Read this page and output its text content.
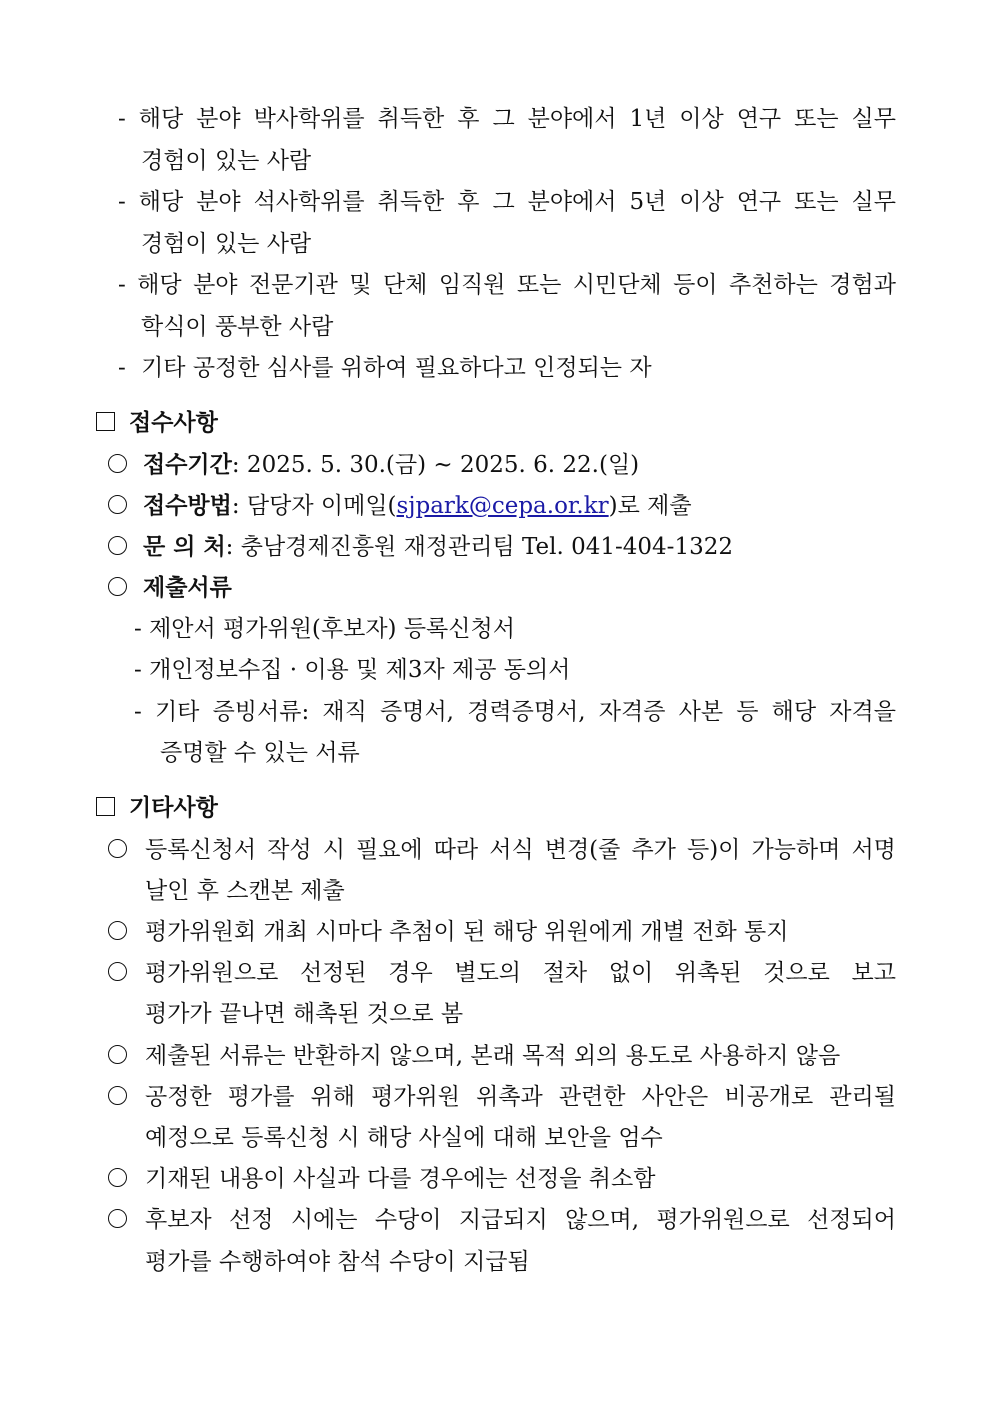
- 해당 분야 박사학위를 취득한 후 그 분야에서 1년 이상 연구 또는 실무
경험이 있는 사람
- 해당 분야 석사학위를 취득한 후 그 분야에서 5년 이상 연구 또는 실무
경험이 있는 사람
- 해당 분야 전문기관 및 단체 임직원 또는 시민단체 등이 추천하는 경험과
학식이 풍부한 사람
- 기타 공정한 심사를 위하여 필요하다고 인정되는 자
접수사항
접수기간: 2025. 5. 30.(금) ~ 2025. 6. 22.(일)
접수방법: 담당자 이메일(sjpark@cepa.or.kr)로 제출
문 의 처: 충남경제진흥원 재정관리팀 Tel. 041-404-1322
제출서류
- 제안서 평가위원(후보자) 등록신청서
- 개인정보수집 · 이용 및 제3자 제공 동의서
- 기타 증빙서류: 재직 증명서, 경력증명서, 자격증 사본 등 해당 자격을
증명할 수 있는 서류
기타사항
등록신청서 작성 시 필요에 따라 서식 변경(줄 추가 등)이 가능하며 서명
날인 후 스캔본 제출
평가위원회 개최 시마다 추첨이 된 해당 위원에게 개별 전화 통지
평가위원으로 선정된 경우 별도의 절차 없이 위촉된 것으로 보고
평가가 끝나면 해촉된 것으로 봄
제출된 서류는 반환하지 않으며, 본래 목적 외의 용도로 사용하지 않음
공정한 평가를 위해 평가위원 위촉과 관련한 사안은 비공개로 관리될
예정으로 등록신청 시 해당 사실에 대해 보안을 엄수
기재된 내용이 사실과 다를 경우에는 선정을 취소함
후보자 선정 시에는 수당이 지급되지 않으며, 평가위원으로 선정되어
평가를 수행하여야 참석 수당이 지급됨
